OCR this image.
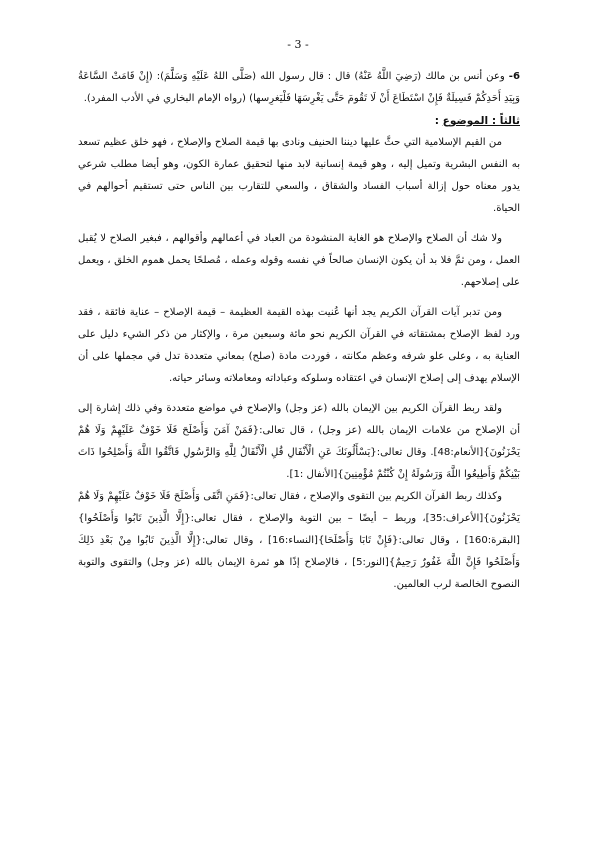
- 3 -

6- وعن أنس بن مالك (رَضِيَ اللَّهُ عَنْهُ) قال : قال رسول الله (صَلَّى اللهُ عَلَيْهِ وَسَلَّمَ): (إِنْ قَامَتْ السَّاعَةُ وَبِيَدِ أَحَدِكُمْ فَسِيلَةٌ فَإِنْ اسْتَطَاعَ أَنْ لَا تَقُومَ حَتَّى يَغْرِسَهَا فَلْيَغرِسها) (رواه الإمام البخاري في الأدب المفرد).

ثالثاً : الموضوع :

من القيم الإسلامية التي حثَّ عليها ديننا الحنيف ونادى بها قيمة الصلاح والإصلاح ، فهو خلق عظيم تسعد به النفس البشرية وتميل إليه ، وهو قيمة إنسانية لابد منها لتحقيق عمارة الكون، وهو أيضا مطلب شرعي يدور معناه حول إزالة أسباب الفساد والشقاق ، والسعي للتقارب بين الناس حتى تستقيم أحوالهم في الحياة.

ولا شك أن الصلاح والإصلاح هو الغاية المنشودة من العباد في أعمالهم وأقوالهم ، فبغير الصلاح لا يُقبل العمل ، ومن ثمَّ فلا بد أن يكون الإنسان صالحاً في نفسه وقوله وعمله ، مُصلحًا يحمل هموم الخلق ، ويعمل على إصلاحهم.

ومن تدبر آيات القرآن الكريم يجد أنها عُنيت بهذه القيمة العظيمة – قيمة الإصلاح – عناية فائقة ، فقد ورد لفظ الإصلاح بمشتقاته في القرآن الكريم نحو مائة وسبعين مرة ، والإكثار من ذكر الشيء دليل على العناية به ، وعلى علو شرفه وعظم مكانته ، فوردت مادة (صلح) بمعاني متعددة تدل في مجملها على أن الإسلام يهدف إلى إصلاح الإنسان في اعتقاده وسلوكه وعباداته ومعاملاته وسائر حياته.

ولقد ربط القرآن الكريم بين الإيمان بالله (عز وجل) والإصلاح في مواضع متعددة وفي ذلك إشارة إلى أن الإصلاح من علامات الإيمان بالله (عز وجل) ، قال تعالى:{فَمَنْ آمَنَ وَأَصْلَحَ فَلَا خَوْفٌ عَلَيْهِمْ وَلَا هُمْ يَحْزَنُونَ}[الأنعام:48]. وقال تعالى:{يَسْأَلُونَكَ عَنِ الْأَنْفَالِ قُلِ الْأَنْفَالُ لِلَّهِ وَالرَّسُولِ فَاتَّقُوا اللَّهَ وَأَصْلِحُوا ذَاتَ بَيْنِكُمْ وَأَطِيعُوا اللَّهَ وَرَسُولَهُ إِنْ كُنْتُمْ مُؤْمِنِينَ}[الأنفال :1].

وكذلك ربط القرآن الكريم بين التقوى والإصلاح ، فقال تعالى:{فَمَنِ اتَّقَى وَأَصْلَحَ فَلَا خَوْفٌ عَلَيْهِمْ وَلَا هُمْ يَحْزَنُونَ}[الأعراف:35]، وربط – أيضًا – بين التوبة والإصلاح ، فقال تعالى:{إِلَّا الَّذِينَ تَابُوا وَأَصْلَحُوا}[البقرة:160] ، وقال تعالى:{فَإِنْ تَابَا وَأَصْلَحَا}[النساء:16] ، وقال تعالى:{إِلَّا الَّذِينَ تَابُوا مِنْ بَعْدِ ذَلِكَ وَأَصْلَحُوا فَإِنَّ اللَّهَ غَفُورٌ رَحِيمٌ}[النور:5] ، فالإصلاح إذًا هو ثمرة الإيمان بالله (عز وجل) والتقوى والتوبة النصوح الخالصة لرب العالمين.
